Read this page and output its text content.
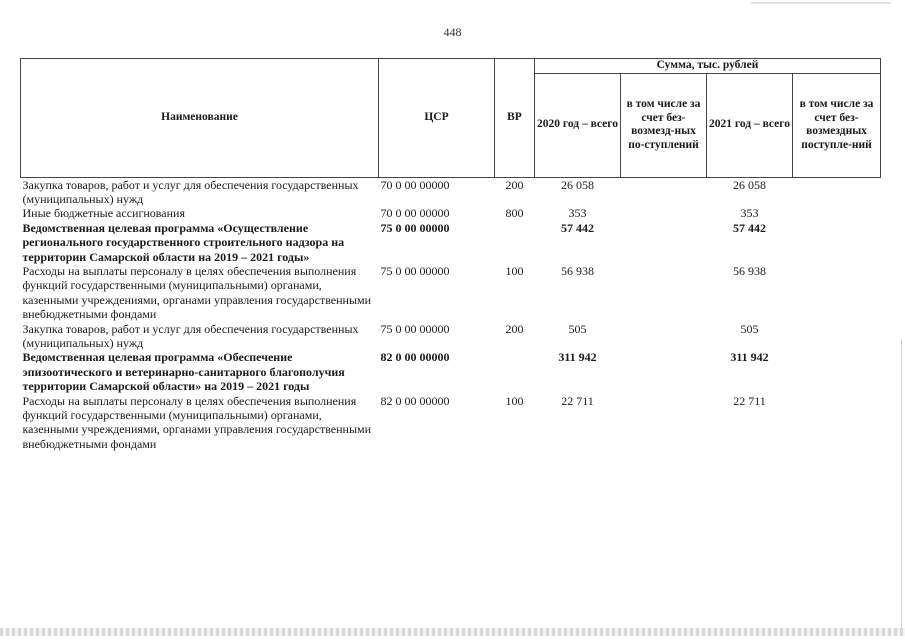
448
Наименование	ЦСР	ВР	Сумма, тыс. рублей			
			2020 год – всего	в том числе за счет без-возмезд-ных по-ступлений	2021 год – всего	в том числе за счет без-возмездных поступле-ний
Закупка товаров, работ и услуг для обеспечения государственных (муниципальных) нужд	70 0 00 00000	200	26 058		26 058	
Иные бюджетные ассигнования	70 0 00 00000	800	353		353	
Ведомственная целевая программа «Осуществление регионального государственного строительного надзора на территории Самарской области на 2019 – 2021 годы»	75 0 00 00000		57 442		57 442	
Расходы на выплаты персоналу в целях обеспечения выполнения функций государственными (муниципальными) органами, казенными учреждениями, органами управления государственными внебюджетными фондами	75 0 00 00000	100	56 938		56 938	
Закупка товаров, работ и услуг для обеспечения государственных (муниципальных) нужд	75 0 00 00000	200	505		505	
Ведомственная целевая программа «Обеспечение эпизоотического и ветеринарно-санитарного благополучия территории Самарской области» на 2019 – 2021 годы	82 0 00 00000		311 942		311 942	
Расходы на выплаты персоналу в целях обеспечения выполнения функций государственными (муниципальными) органами, казенными учреждениями, органами управления государственными внебюджетными фондами	82 0 00 00000	100	22 711		22 711	
